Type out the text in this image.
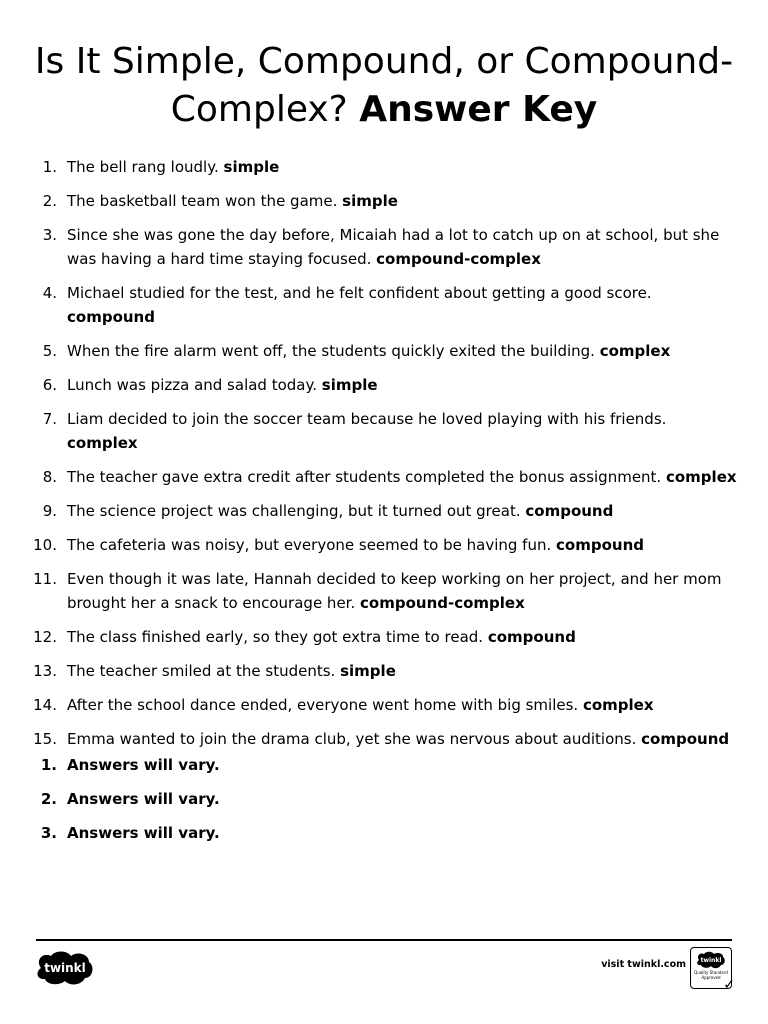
Is It Simple, Compound, or Compound-Complex? Answer Key
1. The bell rang loudly. simple
2. The basketball team won the game. simple
3. Since she was gone the day before, Micaiah had a lot to catch up on at school, but she was having a hard time staying focused. compound-complex
4. Michael studied for the test, and he felt confident about getting a good score. compound
5. When the fire alarm went off, the students quickly exited the building. complex
6. Lunch was pizza and salad today. simple
7. Liam decided to join the soccer team because he loved playing with his friends. complex
8. The teacher gave extra credit after students completed the bonus assignment. complex
9. The science project was challenging, but it turned out great. compound
10. The cafeteria was noisy, but everyone seemed to be having fun. compound
11. Even though it was late, Hannah decided to keep working on her project, and her mom brought her a snack to encourage her. compound-complex
12. The class finished early, so they got extra time to read. compound
13. The teacher smiled at the students. simple
14. After the school dance ended, everyone went home with big smiles. complex
15. Emma wanted to join the drama club, yet she was nervous about auditions. compound
1. Answers will vary.
2. Answers will vary.
3. Answers will vary.
twinkl	visit twinkl.com twinkl
Quality Standard Approved ✓
